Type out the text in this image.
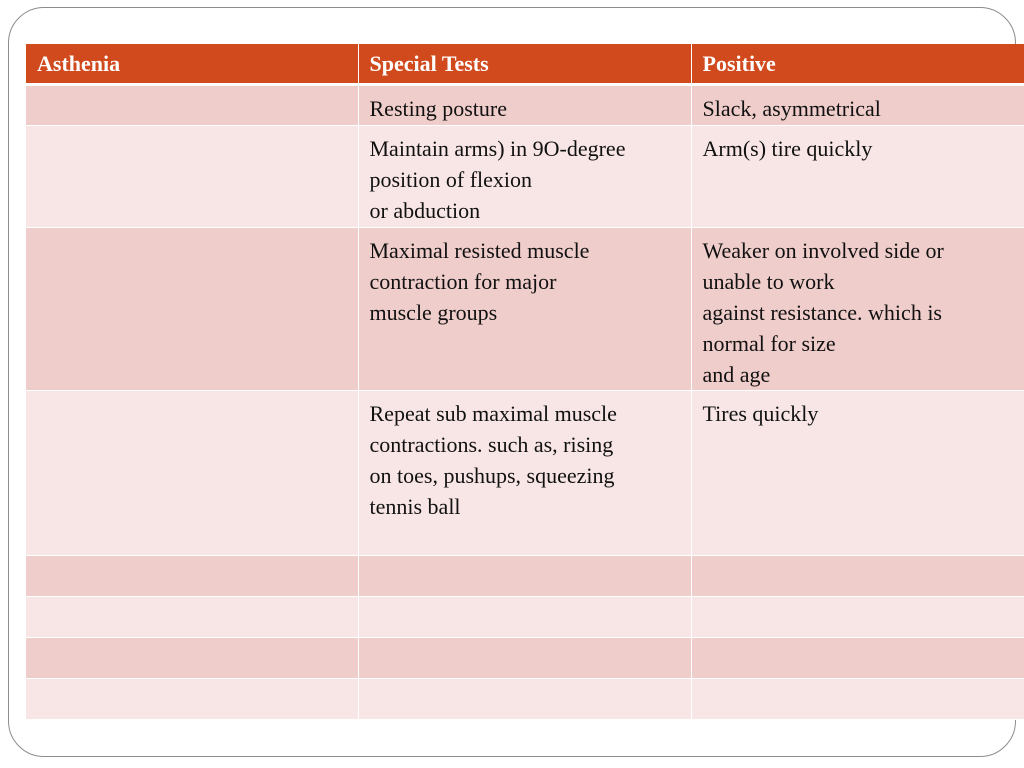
Asthenia	Special Tests	Positive

	Resting posture	Slack, asymmetrical

	Maintain arms) in 9O-degree
position of flexion
or abduction	Arm(s) tire quickly

	Maximal resisted muscle
contraction for major
muscle groups	Weaker on involved side or
unable to work
against resistance. which is
normal for size
and age

	Repeat sub maximal muscle
contractions. such as, rising
on toes, pushups, squeezing
tennis ball	Tires quickly
